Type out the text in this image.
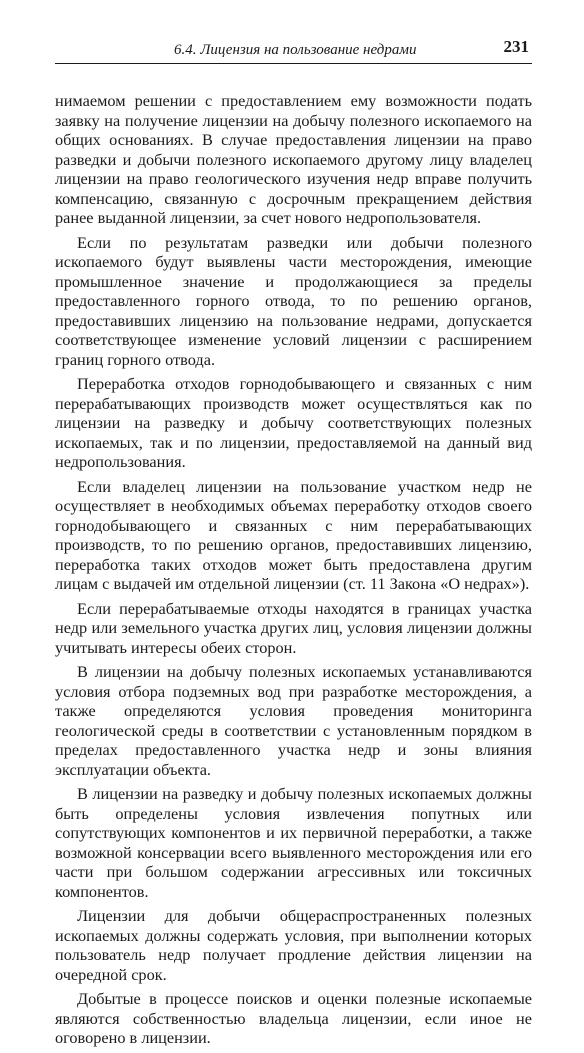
6.4. Лицензия на пользование недрами	231

нимаемом решении с предоставлением ему возможности подать заявку на получение лицензии на добычу полезного ископаемого на общих основаниях. В случае предоставления лицензии на право разведки и добычи полезного ископаемого другому лицу владелец лицензии на право геологического изучения недр вправе получить компенсацию, связанную с досрочным прекращением действия ранее выданной лицензии, за счет нового недропользователя.

Если по результатам разведки или добычи полезного ископаемого будут выявлены части месторождения, имеющие промышленное значение и продолжающиеся за пределы предоставленного горного отвода, то по решению органов, предоставивших лицензию на пользование недрами, допускается соответствующее изменение условий лицензии с расширением границ горного отвода.

Переработка отходов горнодобывающего и связанных с ним перерабатывающих производств может осуществляться как по лицензии на разведку и добычу соответствующих полезных ископаемых, так и по лицензии, предоставляемой на данный вид недропользования.

Если владелец лицензии на пользование участком недр не осуществляет в необходимых объемах переработку отходов своего горнодобывающего и связанных с ним перерабатывающих производств, то по решению органов, предоставивших лицензию, переработка таких отходов может быть предоставлена другим лицам с выдачей им отдельной лицензии (ст. 11 Закона «О недрах»).

Если перерабатываемые отходы находятся в границах участка недр или земельного участка других лиц, условия лицензии должны учитывать интересы обеих сторон.

В лицензии на добычу полезных ископаемых устанавливаются условия отбора подземных вод при разработке месторождения, а также определяются условия проведения мониторинга геологической среды в соответствии с установленным порядком в пределах предоставленного участка недр и зоны влияния эксплуатации объекта.

В лицензии на разведку и добычу полезных ископаемых должны быть определены условия извлечения попутных или сопутствующих компонентов и их первичной переработки, а также возможной консервации всего выявленного месторождения или его части при большом содержании агрессивных или токсичных компонентов.

Лицензии для добычи общераспространенных полезных ископаемых должны содержать условия, при выполнении которых пользователь недр получает продление действия лицензии на очередной срок.

Добытые в процессе поисков и оценки полезные ископаемые являются собственностью владельца лицензии, если иное не оговорено в лицензии.
